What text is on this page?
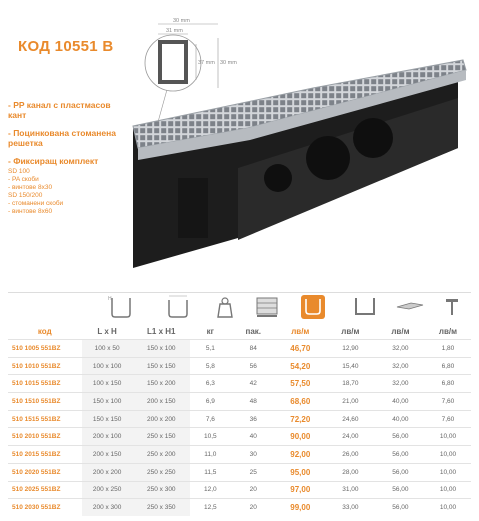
КОД 10551 B
- PP канал с пластмасов кант
- Поцинкована стоманена решетка
- Фиксиращ комплект
SD 100
- PA скоби
- винтове 8x30
SD 150/200
- стоманени скоби
- винтове 8x60
30 mm
31 mm
37 mm 30 mm
H
код	L x H	L1 x H1	кг	пак.	лв/м	лв/м	лв/м	лв/м
510 1005 551BZ	100 x 50	150 x 100	5,1	84	46,70	12,90	32,00	1,80
510 1010 551BZ	100 x 100	150 x 150	5,8	56	54,20	15,40	32,00	6,80
510 1015 551BZ	100 x 150	150 x 200	6,3	42	57,50	18,70	32,00	6,80
510 1510 551BZ	150 x 100	200 x 150	6,9	48	68,60	21,00	40,00	7,60
510 1515 551BZ	150 x 150	200 x 200	7,6	36	72,20	24,60	40,00	7,60
510 2010 551BZ	200 x 100	250 x 150	10,5	40	90,00	24,00	56,00	10,00
510 2015 551BZ	200 x 150	250 x 200	11,0	30	92,00	26,00	56,00	10,00
510 2020 551BZ	200 x 200	250 x 250	11,5	25	95,00	28,00	56,00	10,00
510 2025 551BZ	200 x 250	250 x 300	12,0	20	97,00	31,00	56,00	10,00
510 2030 551BZ	200 x 300	250 x 350	12,5	20	99,00	33,00	56,00	10,00
